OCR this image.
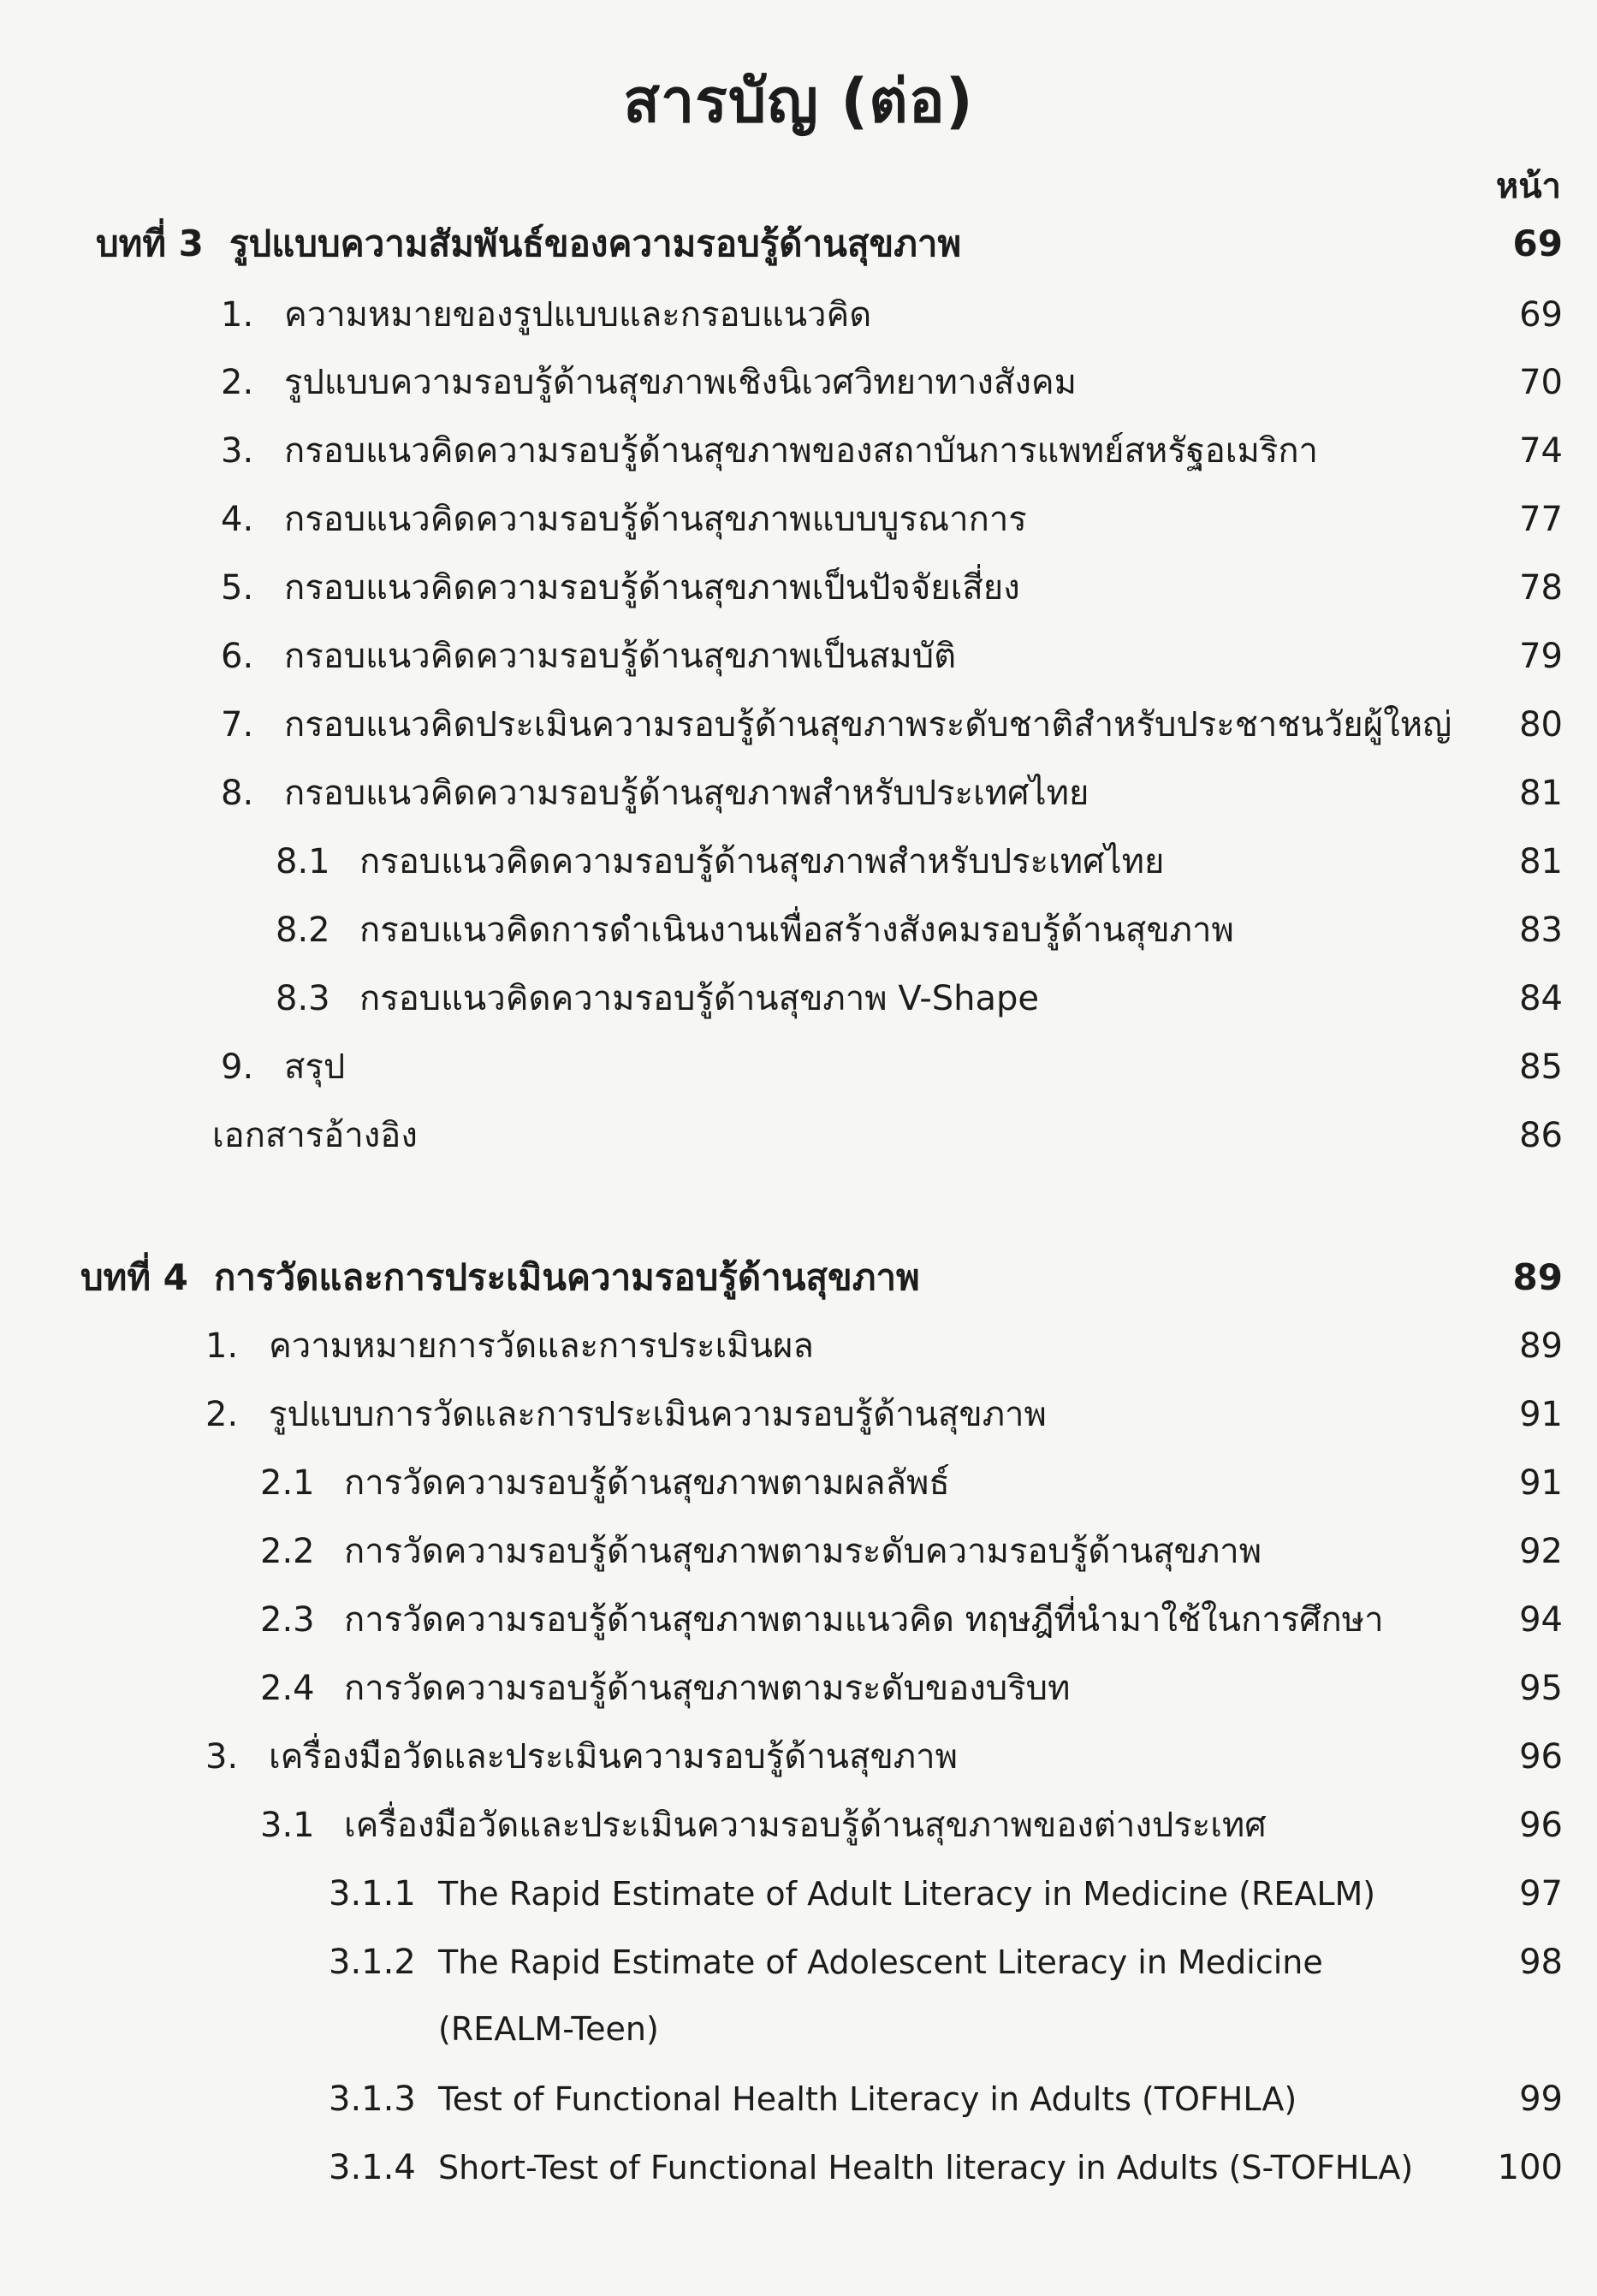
สารบัญ (ต่อ)
หน้า
บทที่ 3 รูปแบบความสัมพันธ์ของความรอบรู้ด้านสุขภาพ	69
1. ความหมายของรูปแบบและกรอบแนวคิด	69
2. รูปแบบความรอบรู้ด้านสุขภาพเชิงนิเวศวิทยาทางสังคม	70
3. กรอบแนวคิดความรอบรู้ด้านสุขภาพของสถาบันการแพทย์สหรัฐอเมริกา	74
4. กรอบแนวคิดความรอบรู้ด้านสุขภาพแบบบูรณาการ	77
5. กรอบแนวคิดความรอบรู้ด้านสุขภาพเป็นปัจจัยเสี่ยง	78
6. กรอบแนวคิดความรอบรู้ด้านสุขภาพเป็นสมบัติ	79
7. กรอบแนวคิดประเมินความรอบรู้ด้านสุขภาพระดับชาติสำหรับประชาชนวัยผู้ใหญ่ 80
8. กรอบแนวคิดความรอบรู้ด้านสุขภาพสำหรับประเทศไทย	81
8.1 กรอบแนวคิดความรอบรู้ด้านสุขภาพสำหรับประเทศไทย	81
8.2 กรอบแนวคิดการดำเนินงานเพื่อสร้างสังคมรอบรู้ด้านสุขภาพ	83
8.3 กรอบแนวคิดความรอบรู้ด้านสุขภาพ V-Shape	84
9. สรุป	85
เอกสารอ้างอิง	86
บทที่ 4 การวัดและการประเมินความรอบรู้ด้านสุขภาพ	89
1. ความหมายการวัดและการประเมินผล	89
2. รูปแบบการวัดและการประเมินความรอบรู้ด้านสุขภาพ	91
2.1 การวัดความรอบรู้ด้านสุขภาพตามผลลัพธ์	91
2.2 การวัดความรอบรู้ด้านสุขภาพตามระดับความรอบรู้ด้านสุขภาพ	92
2.3 การวัดความรอบรู้ด้านสุขภาพตามแนวคิด ทฤษฎีที่นำมาใช้ในการศึกษา	94
2.4 การวัดความรอบรู้ด้านสุขภาพตามระดับของบริบท	95
3. เครื่องมือวัดและประเมินความรอบรู้ด้านสุขภาพ	96
3.1 เครื่องมือวัดและประเมินความรอบรู้ด้านสุขภาพของต่างประเทศ	96
3.1.1 The Rapid Estimate of Adult Literacy in Medicine (REALM)	97
3.1.2 The Rapid Estimate of Adolescent Literacy in Medicine	98
(REALM-Teen)
3.1.3 Test of Functional Health Literacy in Adults (TOFHLA)	99
3.1.4 Short-Test of Functional Health literacy in Adults (S-TOFHLA) 100
